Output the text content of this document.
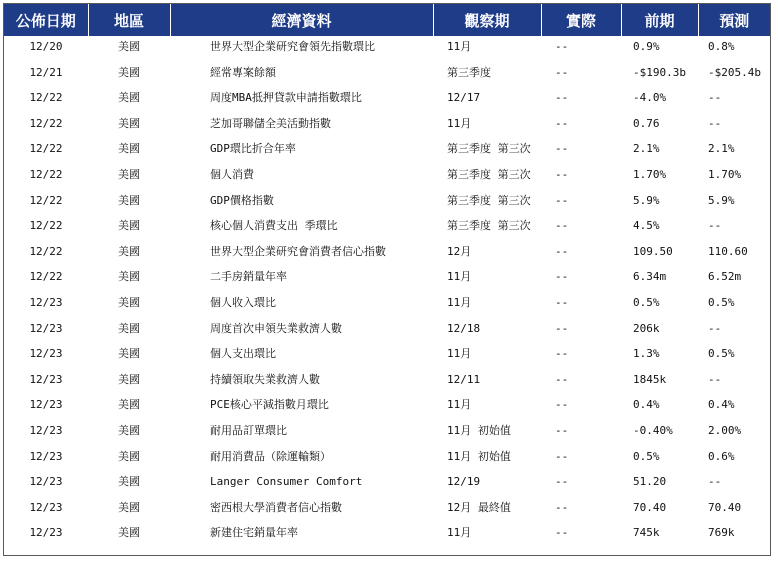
公佈日期	地區	經濟資料	觀察期	實際	前期	預測

12/20	美國	世界大型企業研究會領先指數環比	11月	--	0.9%	0.8%

12/21	美國	經常專案餘額	第三季度	--	-$190.3b	-$205.4b

12/22	美國	周度MBA抵押貸款申請指數環比	12/17	--	-4.0%	--

12/22	美國	芝加哥聯儲全美活動指數	11月	--	0.76	--

12/22	美國	GDP環比折合年率	第三季度 第三次	--	2.1%	2.1%

12/22	美國	個人消費	第三季度 第三次	--	1.70%	1.70%

12/22	美國	GDP價格指數	第三季度 第三次	--	5.9%	5.9%

12/22	美國	核心個人消費支出 季環比	第三季度 第三次	--	4.5%	--

12/22	美國	世界大型企業研究會消費者信心指數	12月	--	109.50	110.60

12/22	美國	二手房銷量年率	11月	--	6.34m	6.52m

12/23	美國	個人收入環比	11月	--	0.5%	0.5%

12/23	美國	周度首次申領失業救濟人數	12/18	--	206k	--

12/23	美國	個人支出環比	11月	--	1.3%	0.5%

12/23	美國	持續領取失業救濟人數	12/11	--	1845k	--

12/23	美國	PCE核心平減指數月環比	11月	--	0.4%	0.4%

12/23	美國	耐用品訂單環比	11月 初始值	--	-0.40%	2.00%

12/23	美國	耐用消費品（除運輸類）	11月 初始值	--	0.5%	0.6%

12/23	美國	Langer Consumer Comfort	12/19	--	51.20	--

12/23	美國	密西根大學消費者信心指數	12月 最終值	--	70.40	70.40

12/23	美國	新建住宅銷量年率	11月	--	745k	769k
